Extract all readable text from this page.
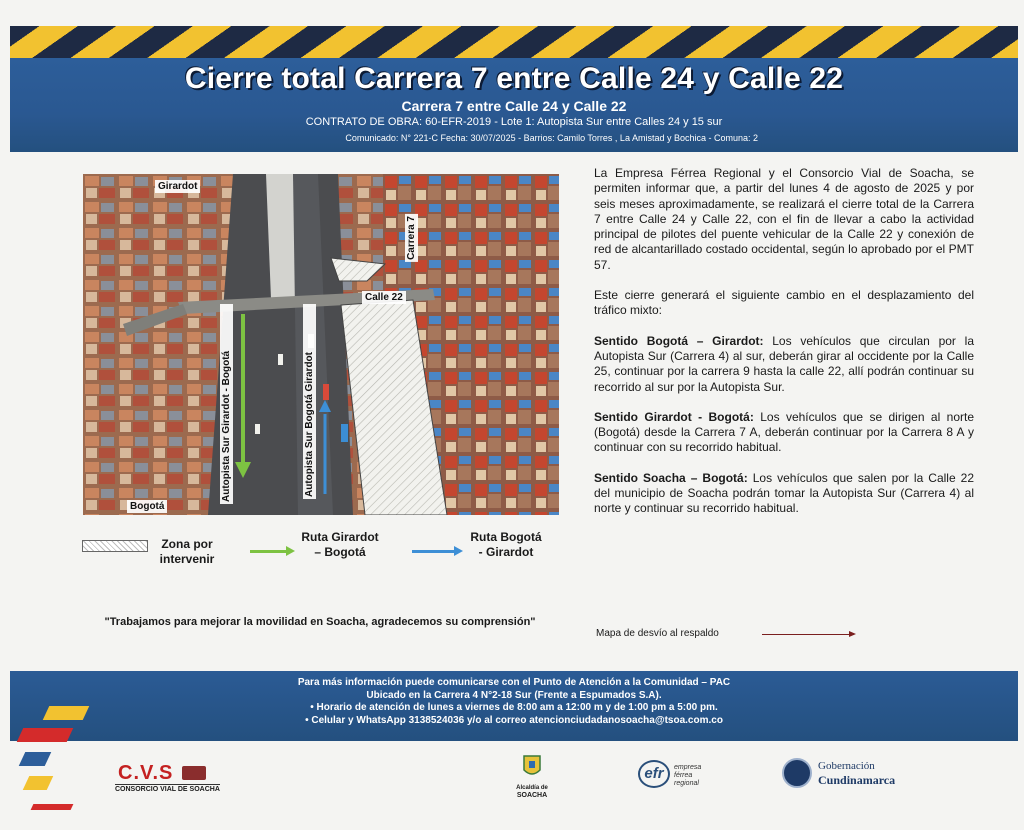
Cierre total Carrera 7 entre Calle 24 y Calle 22
Carrera 7 entre Calle 24 y Calle 22
CONTRATO DE OBRA: 60-EFR-2019 - Lote 1: Autopista Sur entre Calles 24 y 15 sur
Comunicado: N° 221-C Fecha: 30/07/2025 - Barrios: Camilo Torres , La Amistad y Bochica - Comuna: 2
Girardot
Bogotá
Calle 22
Carrera 7
Autopista Sur Girardot - Bogotá	Autopista Sur Bogotá Girardot
Zona por intervenir
Ruta Girardot – Bogotá
Ruta Bogotá - Girardot
"Trabajamos para mejorar la movilidad en Soacha, agradecemos su comprensión"

La Empresa Férrea Regional y el Consorcio Vial de Soacha, se permiten informar que, a partir del lunes 4 de agosto de 2025 y por seis meses aproximadamente, se realizará el cierre total de la Carrera 7 entre Calle 24 y Calle 22, con el fin de llevar a cabo la actividad principal de pilotes del puente vehicular de la Calle 22 y conexión de red de alcantarillado costado occidental, según lo aprobado por el PMT 57.

Este cierre generará el siguiente cambio en el desplazamiento del tráfico mixto:

Sentido Bogotá – Girardot: Los vehículos que circulan por la Autopista Sur (Carrera 4) al sur, deberán girar al occidente por la Calle 25, continuar por la carrera 9 hasta la calle 22, allí podrán continuar su recorrido al sur por la Autopista Sur.

Sentido Girardot - Bogotá: Los vehículos que se dirigen al norte (Bogotá) desde la Carrera 7 A, deberán continuar por la Carrera 8 A y continuar con su recorrido habitual.

Sentido Soacha – Bogotá: Los vehículos que salen por la Calle 22 del municipio de Soacha podrán tomar la Autopista Sur (Carrera 4) al norte y continuar su recorrido habitual.

Mapa de desvío al respaldo
Para más información puede comunicarse con el Punto de Atención a la Comunidad – PAC
Ubicado en la Carrera 4 N°2-18 Sur (Frente a Espumados S.A).
• Horario de atención de lunes a viernes de 8:00 am a 12:00 m y de 1:00 pm a 5:00 pm.
• Celular y WhatsApp 3138524036 y/o al correo atencionciudadanosoacha@tsoa.com.co
C.V.S
CONSORCIO VIAL DE SOACHA	Alcaldía de
SOACHA
efr	empresa férrea regional
Gobernación
Cundinamarca
